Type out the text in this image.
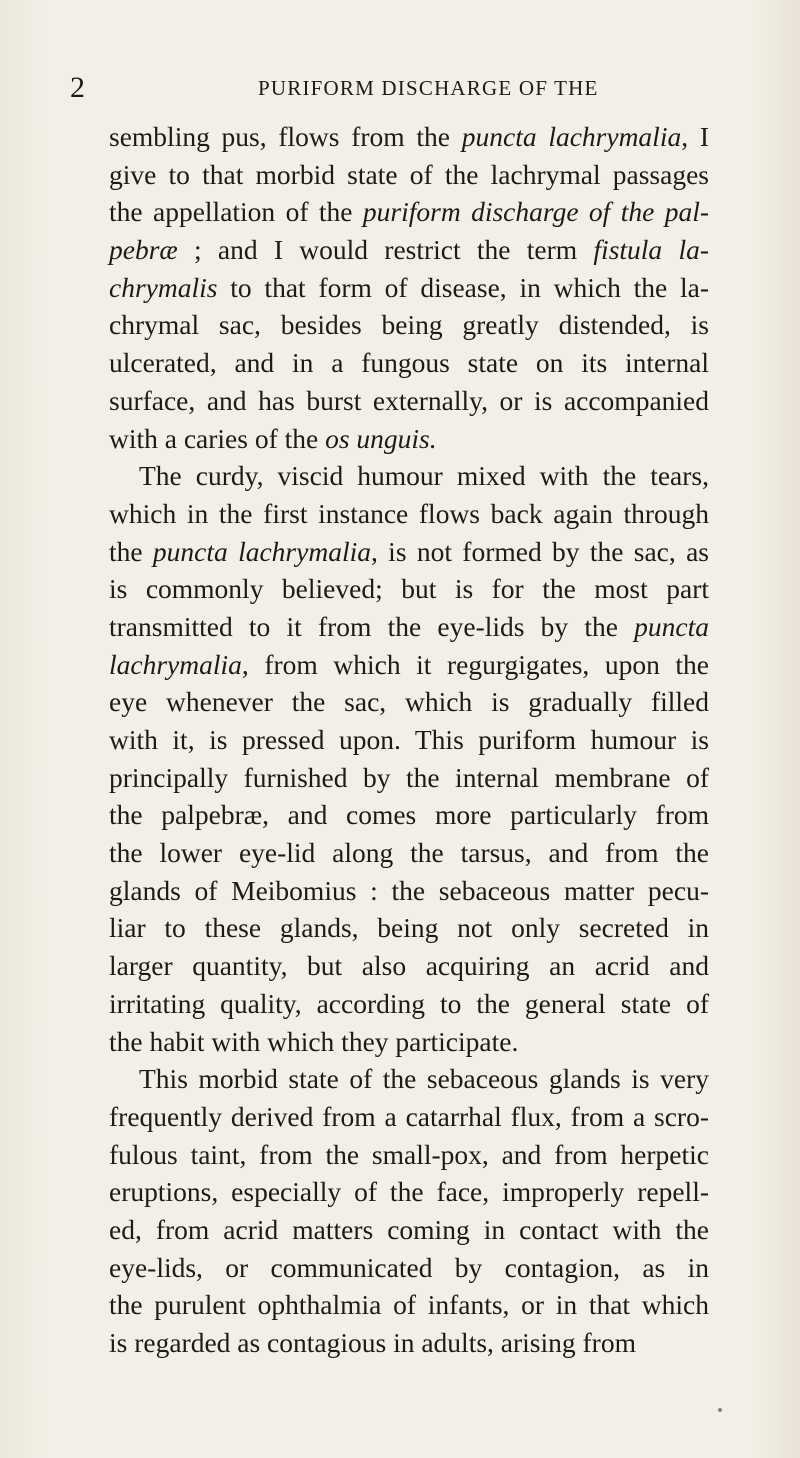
2	PURIFORM DISCHARGE OF THE
sembling pus, flows from the puncta lachrymalia, I
give to that morbid state of the lachrymal passages
the appellation of the puriform discharge of the pal-
pebræ ; and I would restrict the term fistula la-
chrymalis to that form of disease, in which the la-
chrymal sac, besides being greatly distended, is
ulcerated, and in a fungous state on its internal
surface, and has burst externally, or is accompanied
with a caries of the os unguis.
The curdy, viscid humour mixed with the tears,
which in the first instance flows back again through
the puncta lachrymalia, is not formed by the sac, as
is commonly believed; but is for the most part
transmitted to it from the eye-lids by the puncta
lachrymalia, from which it regurgigates, upon the
eye whenever the sac, which is gradually filled
with it, is pressed upon. This puriform humour is
principally furnished by the internal membrane of
the palpebræ, and comes more particularly from
the lower eye-lid along the tarsus, and from the
glands of Meibomius : the sebaceous matter pecu-
liar to these glands, being not only secreted in
larger quantity, but also acquiring an acrid and
irritating quality, according to the general state of
the habit with which they participate.
This morbid state of the sebaceous glands is very
frequently derived from a catarrhal flux, from a scro-
fulous taint, from the small-pox, and from herpetic
eruptions, especially of the face, improperly repell-
ed, from acrid matters coming in contact with the
eye-lids, or communicated by contagion, as in
the purulent ophthalmia of infants, or in that which
is regarded as contagious in adults, arising from
